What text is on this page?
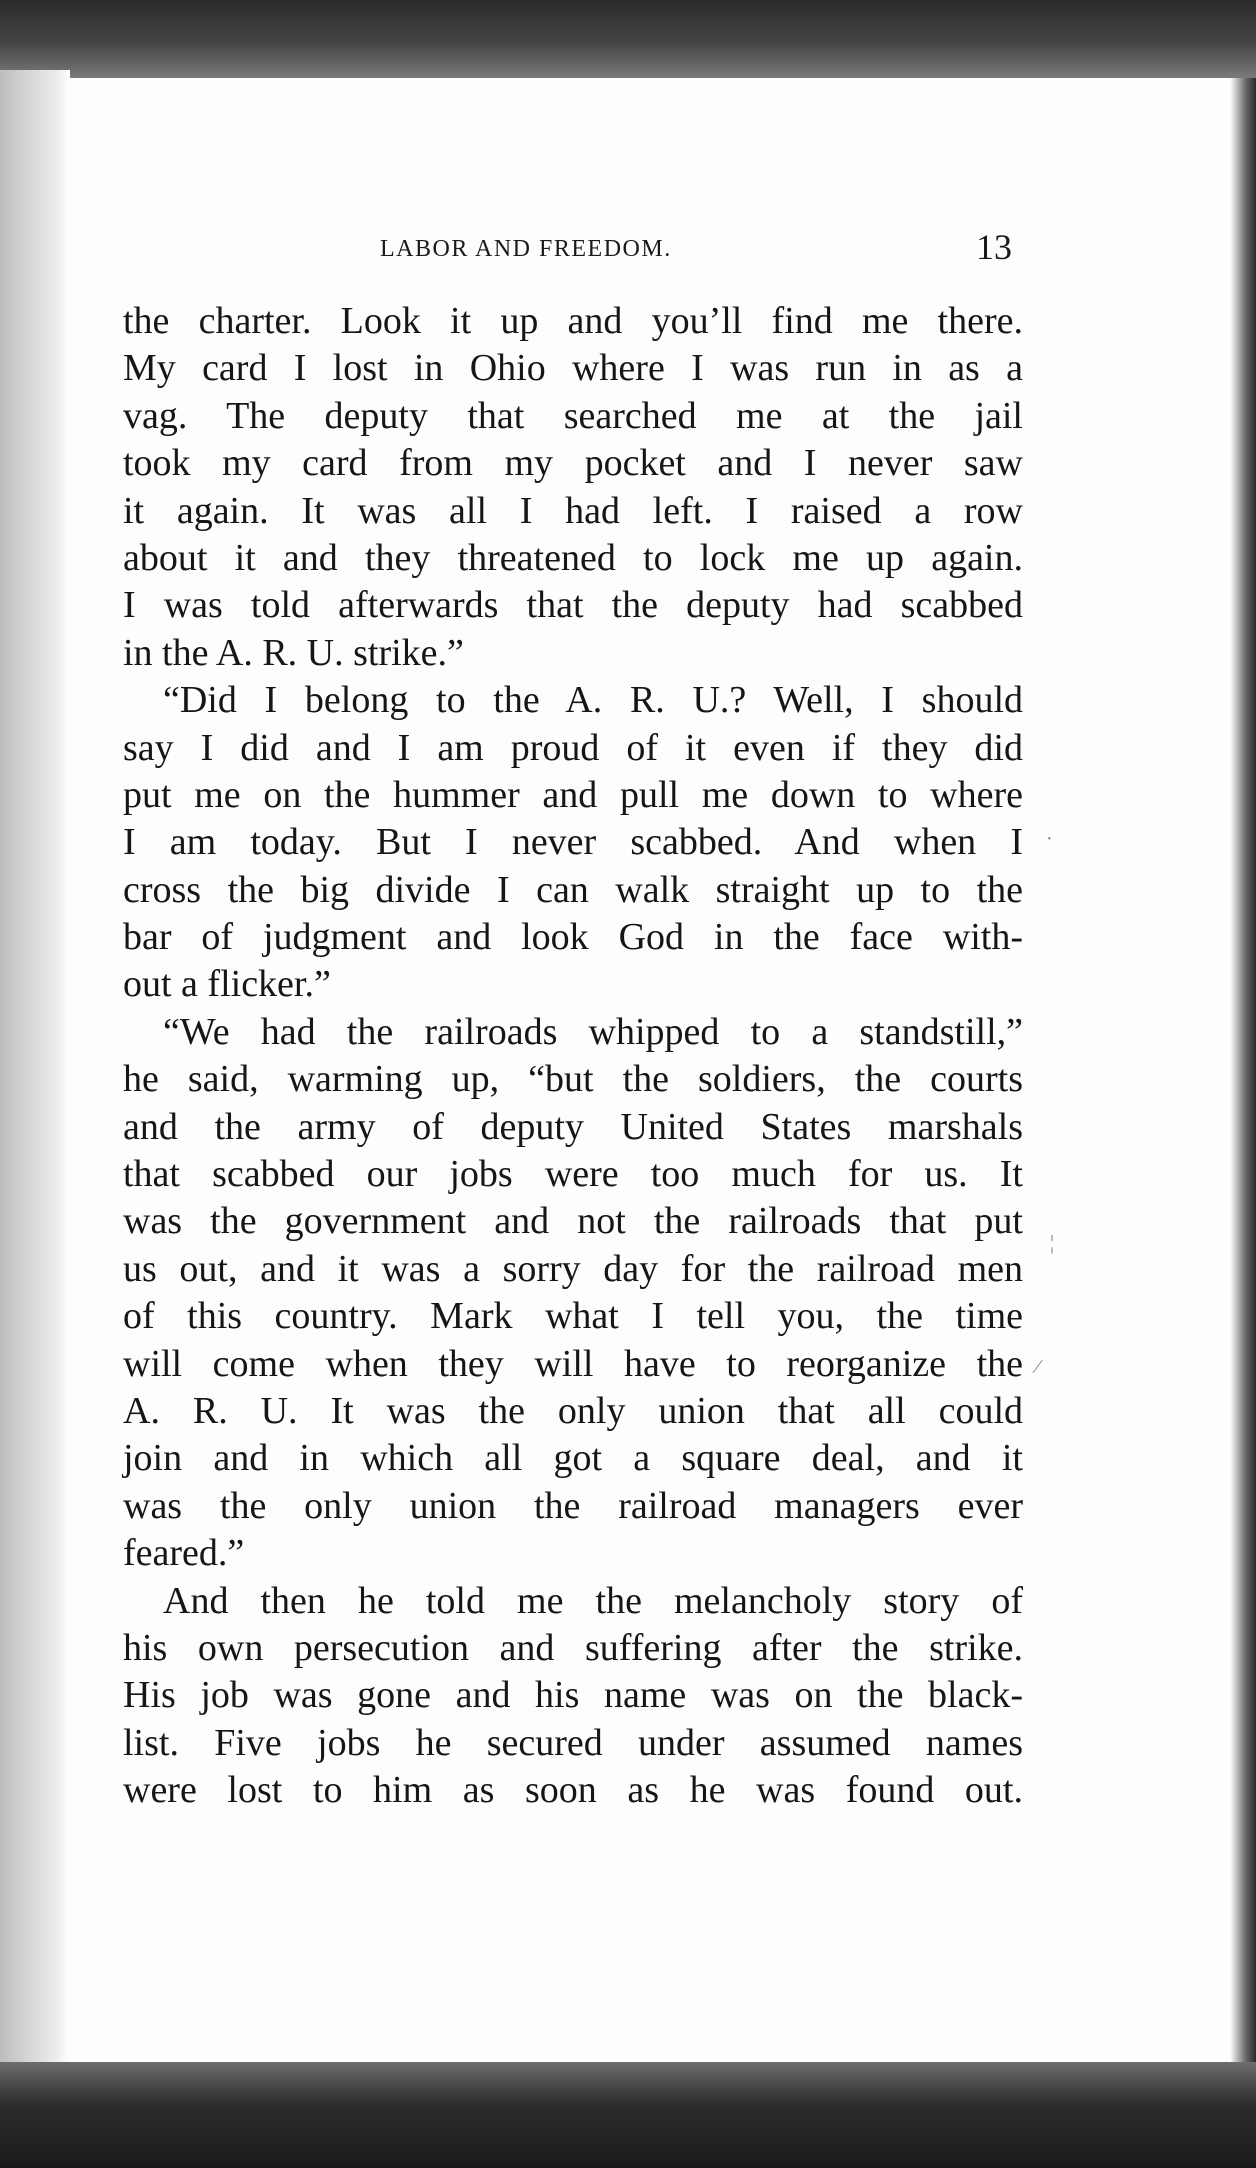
LABOR AND FREEDOM.	13
the charter. Look it up and you’ll find me there.
My card I lost in Ohio where I was run in as a
vag. The deputy that searched me at the jail
took my card from my pocket and I never saw
it again. It was all I had left. I raised a row
about it and they threatened to lock me up again.
I was told afterwards that the deputy had scabbed
in the A. R. U. strike.”
“Did I belong to the A. R. U.? Well, I should
say I did and I am proud of it even if they did
put me on the hummer and pull me down to where
I am today. But I never scabbed. And when I
cross the big divide I can walk straight up to the
bar of judgment and look God in the face with-
out a flicker.”
“We had the railroads whipped to a standstill,”
he said, warming up, “but the soldiers, the courts
and the army of deputy United States marshals
that scabbed our jobs were too much for us. It
was the government and not the railroads that put
us out, and it was a sorry day for the railroad men
of this country. Mark what I tell you, the time
will come when they will have to reorganize the
A. R. U. It was the only union that all could
join and in which all got a square deal, and it
was the only union the railroad managers ever
feared.”
And then he told me the melancholy story of
his own persecution and suffering after the strike.
His job was gone and his name was on the black-
list. Five jobs he secured under assumed names
were lost to him as soon as he was found out.
·
¦
⁄
